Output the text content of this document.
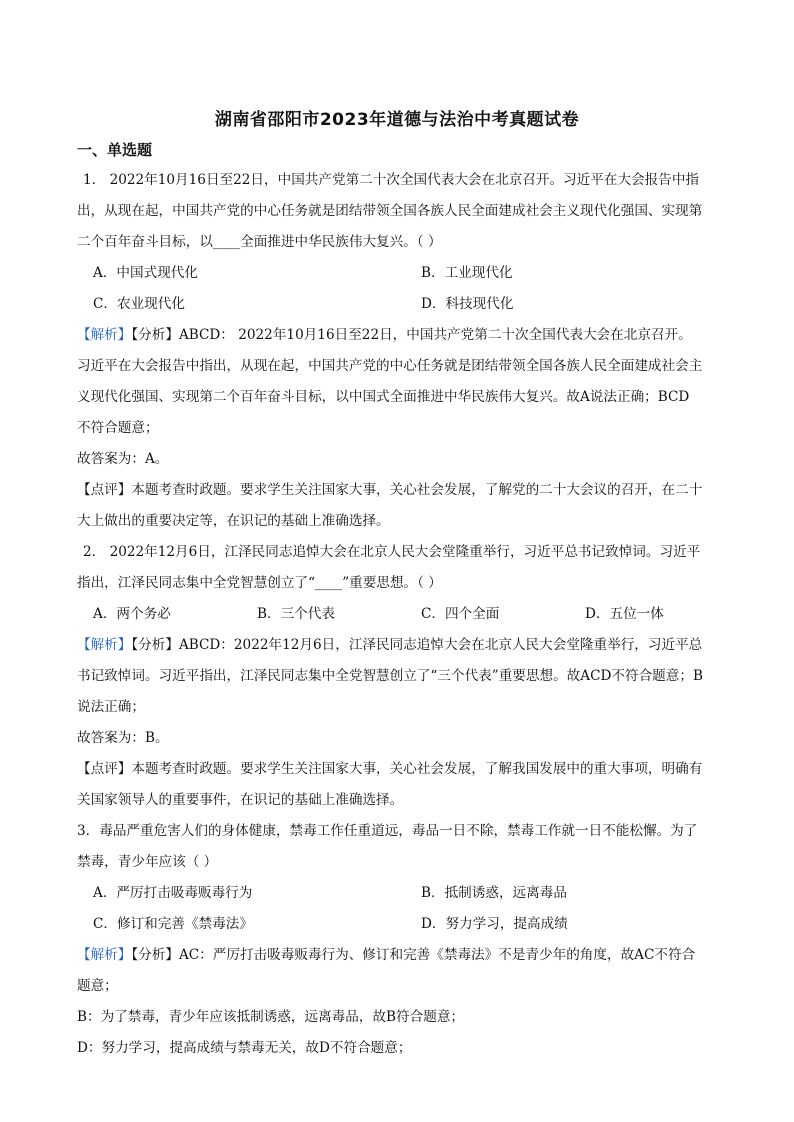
湖南省邵阳市2023年道德与法治中考真题试卷
一、单选题
1． 2022年10月16日至22日，中国共产党第二十次全国代表大会在北京召开。习近平在大会报告中指
出，从现在起，中国共产党的中心任务就是团结带领全国各族人民全面建成社会主义现代化强国、实现第
二个百年奋斗目标，以____全面推进中华民族伟大复兴。（ ）
A．中国式现代化	B．工业现代化
C．农业现代化	D．科技现代化
【解析】【分析】ABCD： 2022年10月16日至22日，中国共产党第二十次全国代表大会在北京召开。
习近平在大会报告中指出，从现在起，中国共产党的中心任务就是团结带领全国各族人民全面建成社会主
义现代化强国、实现第二个百年奋斗目标，以中国式全面推进中华民族伟大复兴。故A说法正确；BCD
不符合题意；
故答案为：A。
【点评】本题考查时政题。要求学生关注国家大事，关心社会发展，了解党的二十大会议的召开，在二十
大上做出的重要决定等，在识记的基础上准确选择。
2． 2022年12月6日，江泽民同志追悼大会在北京人民大会堂隆重举行，习近平总书记致悼词。习近平
指出，江泽民同志集中全党智慧创立了“____”重要思想。（ ）
A．两个务必	B．三个代表	C．四个全面	D．五位一体
【解析】【分析】ABCD：2022年12月6日，江泽民同志追悼大会在北京人民大会堂隆重举行，习近平总
书记致悼词。习近平指出，江泽民同志集中全党智慧创立了“三个代表”重要思想。故ACD不符合题意；B
说法正确；
故答案为：B。
【点评】本题考查时政题。要求学生关注国家大事，关心社会发展，了解我国发展中的重大事项，明确有
关国家领导人的重要事件，在识记的基础上准确选择。
3．毒品严重危害人们的身体健康，禁毒工作任重道远，毒品一日不除，禁毒工作就一日不能松懈。为了
禁毒，青少年应该（ ）
A．严厉打击吸毒贩毒行为	B．抵制诱惑，远离毒品
C．修订和完善《禁毒法》	D．努力学习，提高成绩
【解析】【分析】AC：严厉打击吸毒贩毒行为、修订和完善《禁毒法》不是青少年的角度，故AC不符合
题意；
B：为了禁毒，青少年应该抵制诱惑，远离毒品，故B符合题意；
D：努力学习，提高成绩与禁毒无关，故D不符合题意；
